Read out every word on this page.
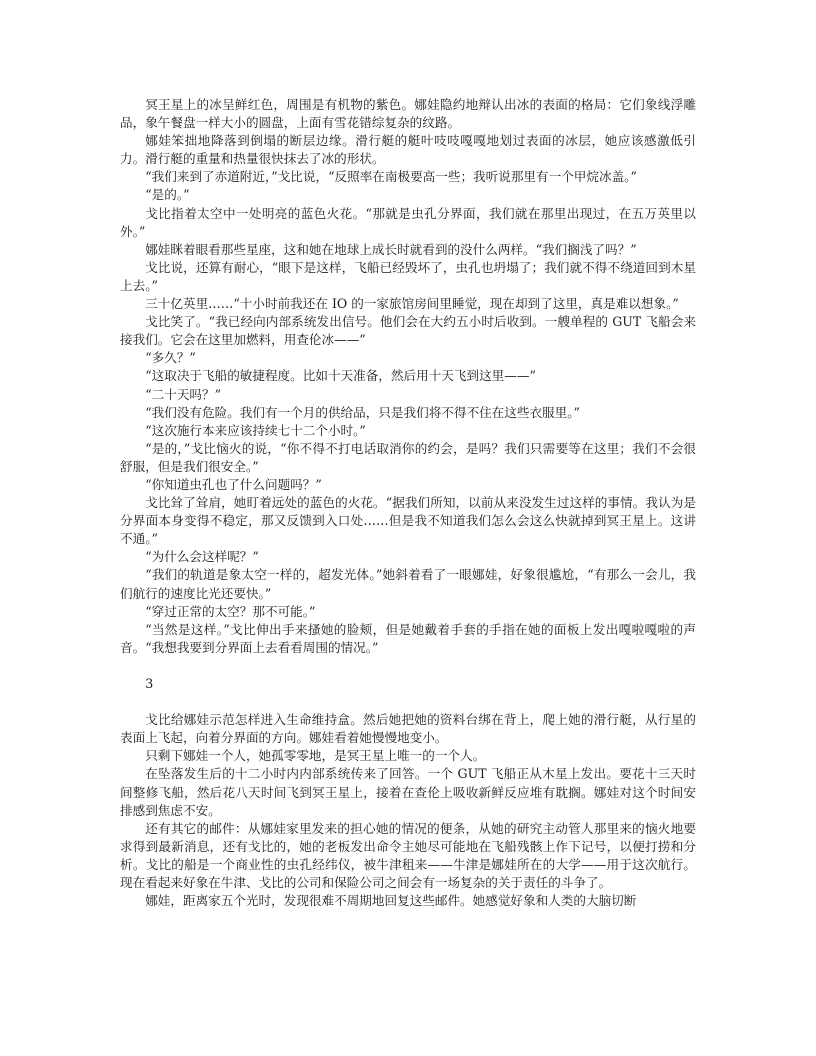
冥王星上的冰呈鲜红色，周围是有机物的紫色。娜娃隐约地辩认出冰的表面的格局：它们象线浮雕品，象午餐盘一样大小的圆盘，上面有雪花错综复杂的纹路。

娜娃笨拙地降落到倒塌的断层边缘。滑行艇的艇叶吱吱嘎嘎地划过表面的冰层，她应该感激低引力。滑行艇的重量和热量很快抹去了冰的形状。

“我们来到了赤道附近，”戈比说，“反照率在南极要高一些；我听说那里有一个甲烷冰盖。”

“是的。”

戈比指着太空中一处明亮的蓝色火花。“那就是虫孔分界面，我们就在那里出现过，在五万英里以外。”

娜娃眯着眼看那些星座，这和她在地球上成长时就看到的没什么两样。“我们搁浅了吗？”

戈比说，还算有耐心，“眼下是这样，飞船已经毁坏了，虫孔也坍塌了；我们就不得不绕道回到木星上去。”

三十亿英里……“十小时前我还在 IO 的一家旅馆房间里睡觉，现在却到了这里，真是难以想象。”

戈比笑了。“我已经向内部系统发出信号。他们会在大约五小时后收到。一艘单程的 GUT 飞船会来接我们。它会在这里加燃料，用查伦冰——”

“多久？”

“这取决于飞船的敏捷程度。比如十天准备，然后用十天飞到这里——”

“二十天吗？”

“我们没有危险。我们有一个月的供给品，只是我们将不得不住在这些衣服里。”

“这次施行本来应该持续七十二个小时。”

“是的，”戈比恼火的说，“你不得不打电话取消你的约会，是吗？我们只需要等在这里；我们不会很舒服，但是我们很安全。”

“你知道虫孔也了什么问题吗？”

戈比耸了耸肩，她盯着远处的蓝色的火花。“据我们所知，以前从来没发生过这样的事情。我认为是分界面本身变得不稳定，那又反馈到入口处……但是我不知道我们怎么会这么快就掉到冥王星上。这讲不通。”

“为什么会这样呢？”

“我们的轨道是象太空一样的，超发光体。”她斜着看了一眼娜娃，好象很尴尬，“有那么一会儿，我们航行的速度比光还要快。”

“穿过正常的太空？那不可能。”

“当然是这样。”戈比伸出手来搔她的脸颊，但是她戴着手套的手指在她的面板上发出嘎啦嘎啦的声音。“我想我要到分界面上去看看周围的情况。”

3

戈比给娜娃示范怎样进入生命维持盒。然后她把她的资料台绑在背上，爬上她的滑行艇，从行星的表面上飞起，向着分界面的方向。娜娃看着她慢慢地变小。

只剩下娜娃一个人，她孤零零地，是冥王星上唯一的一个人。

在坠落发生后的十二小时内内部系统传来了回答。一个 GUT 飞船正从木星上发出。要花十三天时间整修飞船，然后花八天时间飞到冥王星上，接着在查伦上吸收新鲜反应堆有耽搁。娜娃对这个时间安排感到焦虑不安。

还有其它的邮件：从娜娃家里发来的担心她的情况的便条，从她的研究主动管人那里来的恼火地要求得到最新消息，还有戈比的，她的老板发出命令主她尽可能地在飞船残骸上作下记号，以便打捞和分析。戈比的船是一个商业性的虫孔经纬仪，被牛津租来——牛津是娜娃所在的大学——用于这次航行。现在看起来好象在牛津、戈比的公司和保险公司之间会有一场复杂的关于责任的斗争了。

娜娃，距离家五个光时，发现很难不周期地回复这些邮件。她感觉好象和人类的大脑切断
